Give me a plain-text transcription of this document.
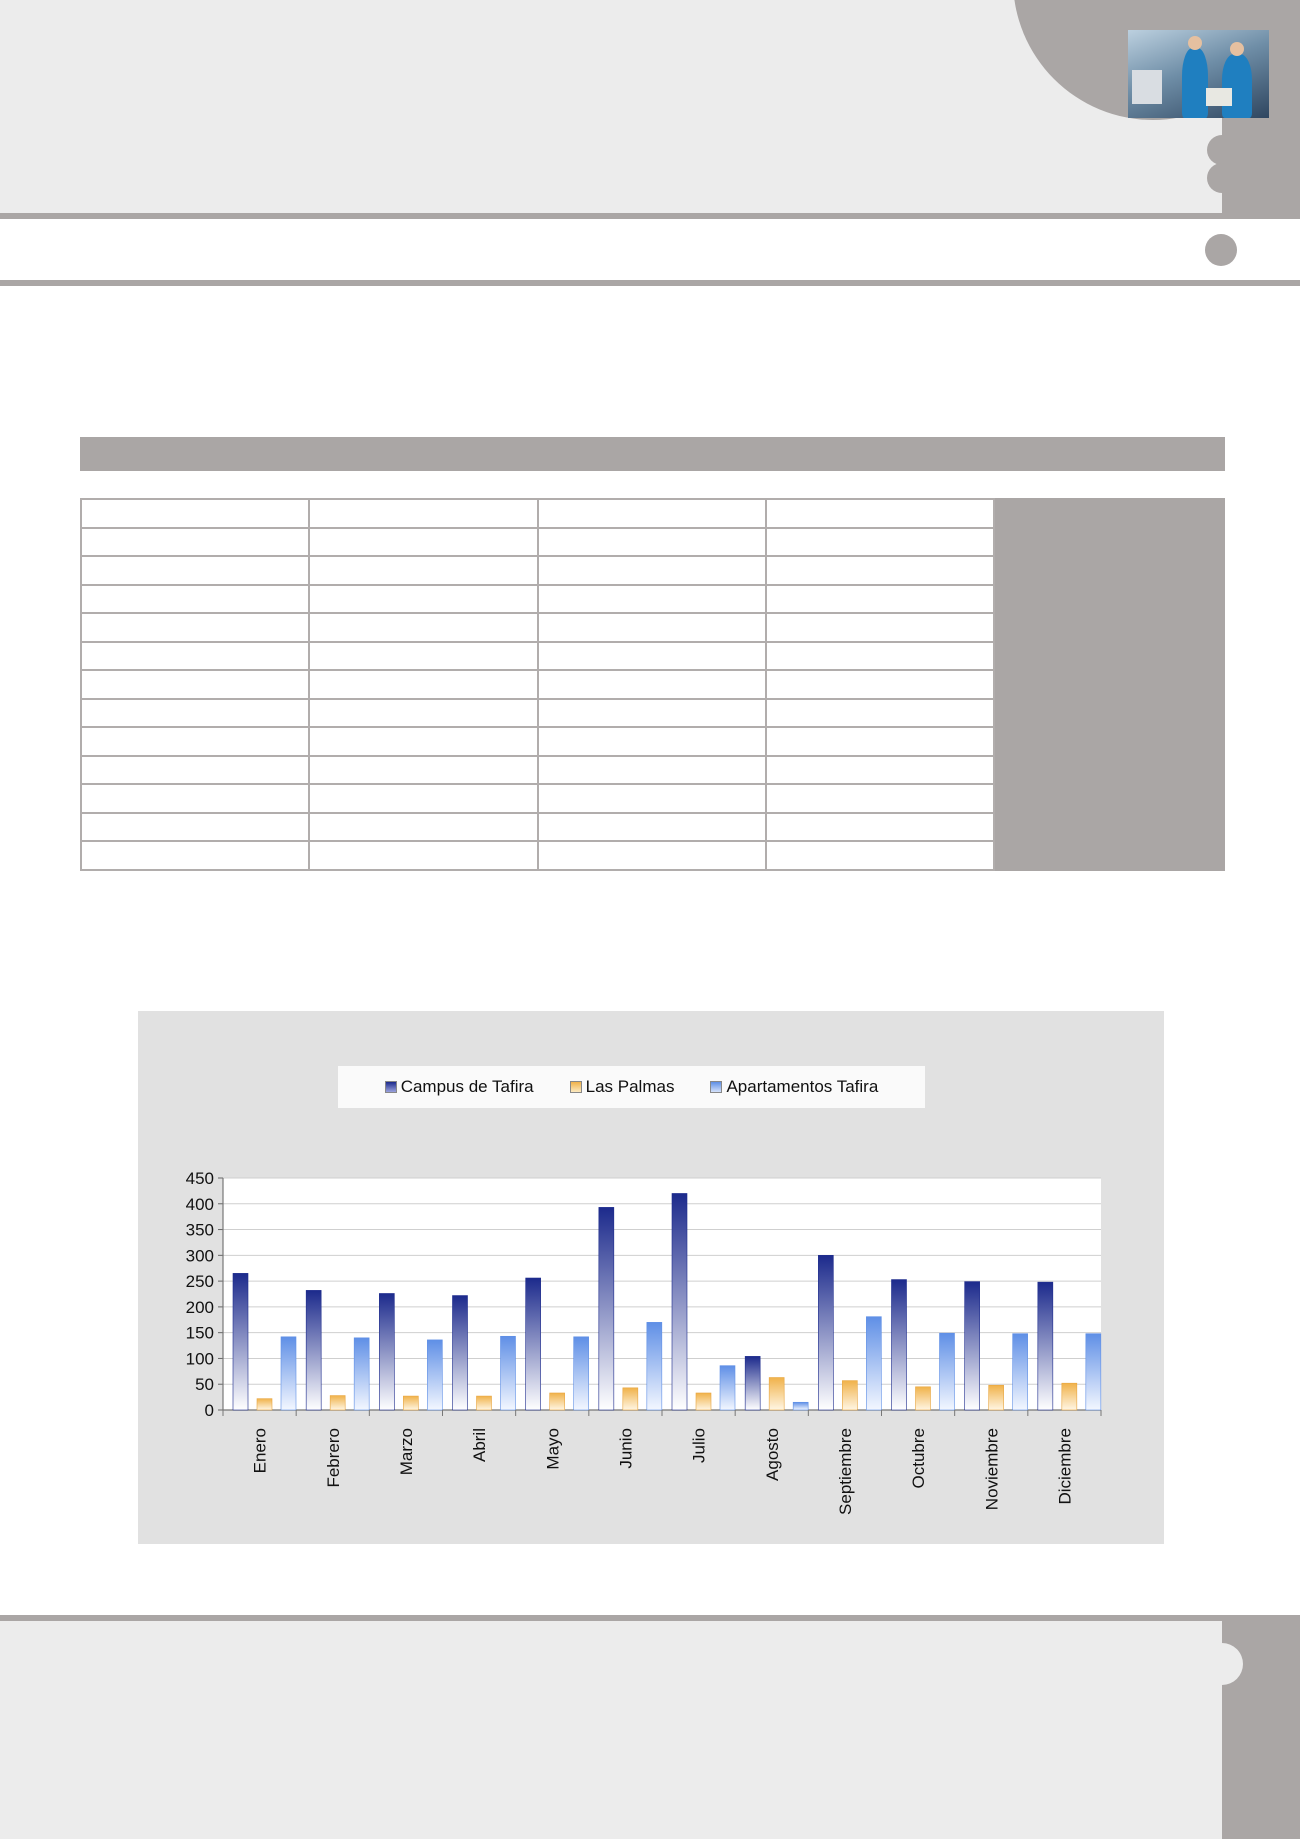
Campus de Tafira	Las Palmas	Apartamentos Tafira
0
50
100
150
200
250
300
350
400
450
Enero	Febrero	Marzo	Abril	Mayo	Junio	Julio	Agosto	Septiembre	Octubre	Noviembre	Diciembre
